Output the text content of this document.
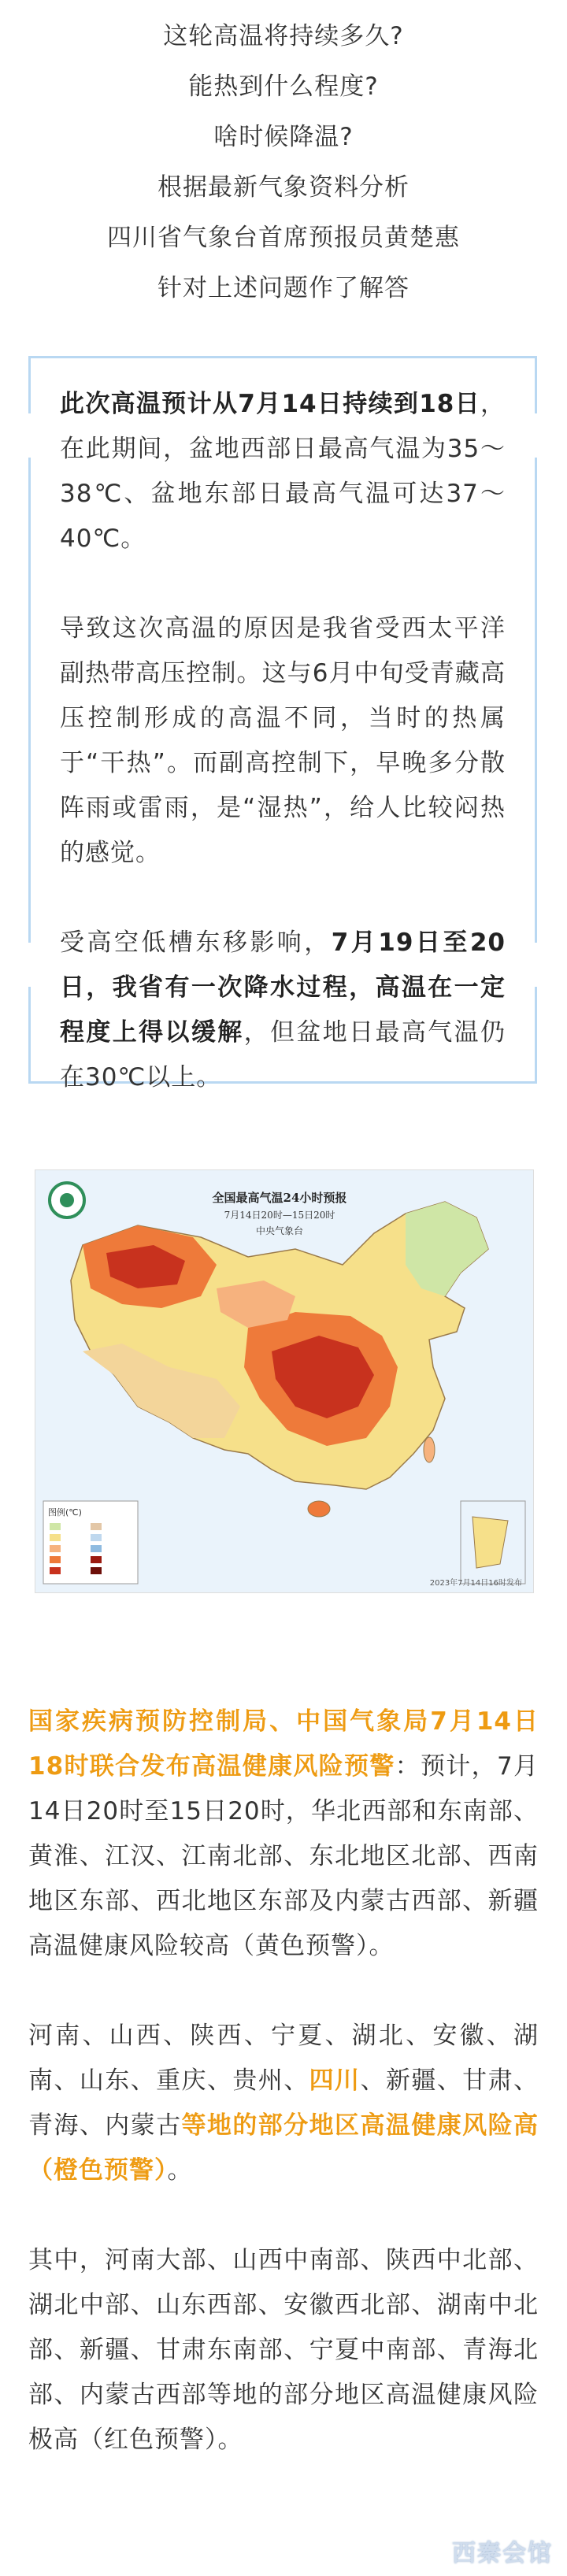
这轮高温将持续多久?

能热到什么程度?

啥时候降温?

根据最新气象资料分析

四川省气象台首席预报员黄楚惠

针对上述问题作了解答

此次高温预计从7月14日持续到18日，在此期间，盆地西部日最高气温为35～38℃、盆地东部日最高气温可达37～40℃。

导致这次高温的原因是我省受西太平洋副热带高压控制。这与6月中旬受青藏高压控制形成的高温不同，当时的热属于“干热”。而副高控制下，早晚多分散阵雨或雷雨，是“湿热”，给人比较闷热的感觉。

受高空低槽东移影响，7月19日至20日，我省有一次降水过程，高温在一定程度上得以缓解，但盆地日最高气温仍在30℃以上。

全国最高气温24小时预报
7月14日20时—15日20时
中央气象台
图例(℃)
2023年7月14日16时发布

国家疾病预防控制局、中国气象局7月14日18时联合发布高温健康风险预警：预计，7月14日20时至15日20时，华北西部和东南部、黄淮、江汉、江南北部、东北地区北部、西南地区东部、西北地区东部及内蒙古西部、新疆高温健康风险较高（黄色预警）。

河南、山西、陕西、宁夏、湖北、安徽、湖南、山东、重庆、贵州、四川、新疆、甘肃、青海、内蒙古等地的部分地区高温健康风险高（橙色预警）。

其中，河南大部、山西中南部、陕西中北部、湖北中部、山东西部、安徽西北部、湖南中北部、新疆、甘肃东南部、宁夏中南部、青海北部、内蒙古西部等地的部分地区高温健康风险极高（红色预警）。

西秦会馆
